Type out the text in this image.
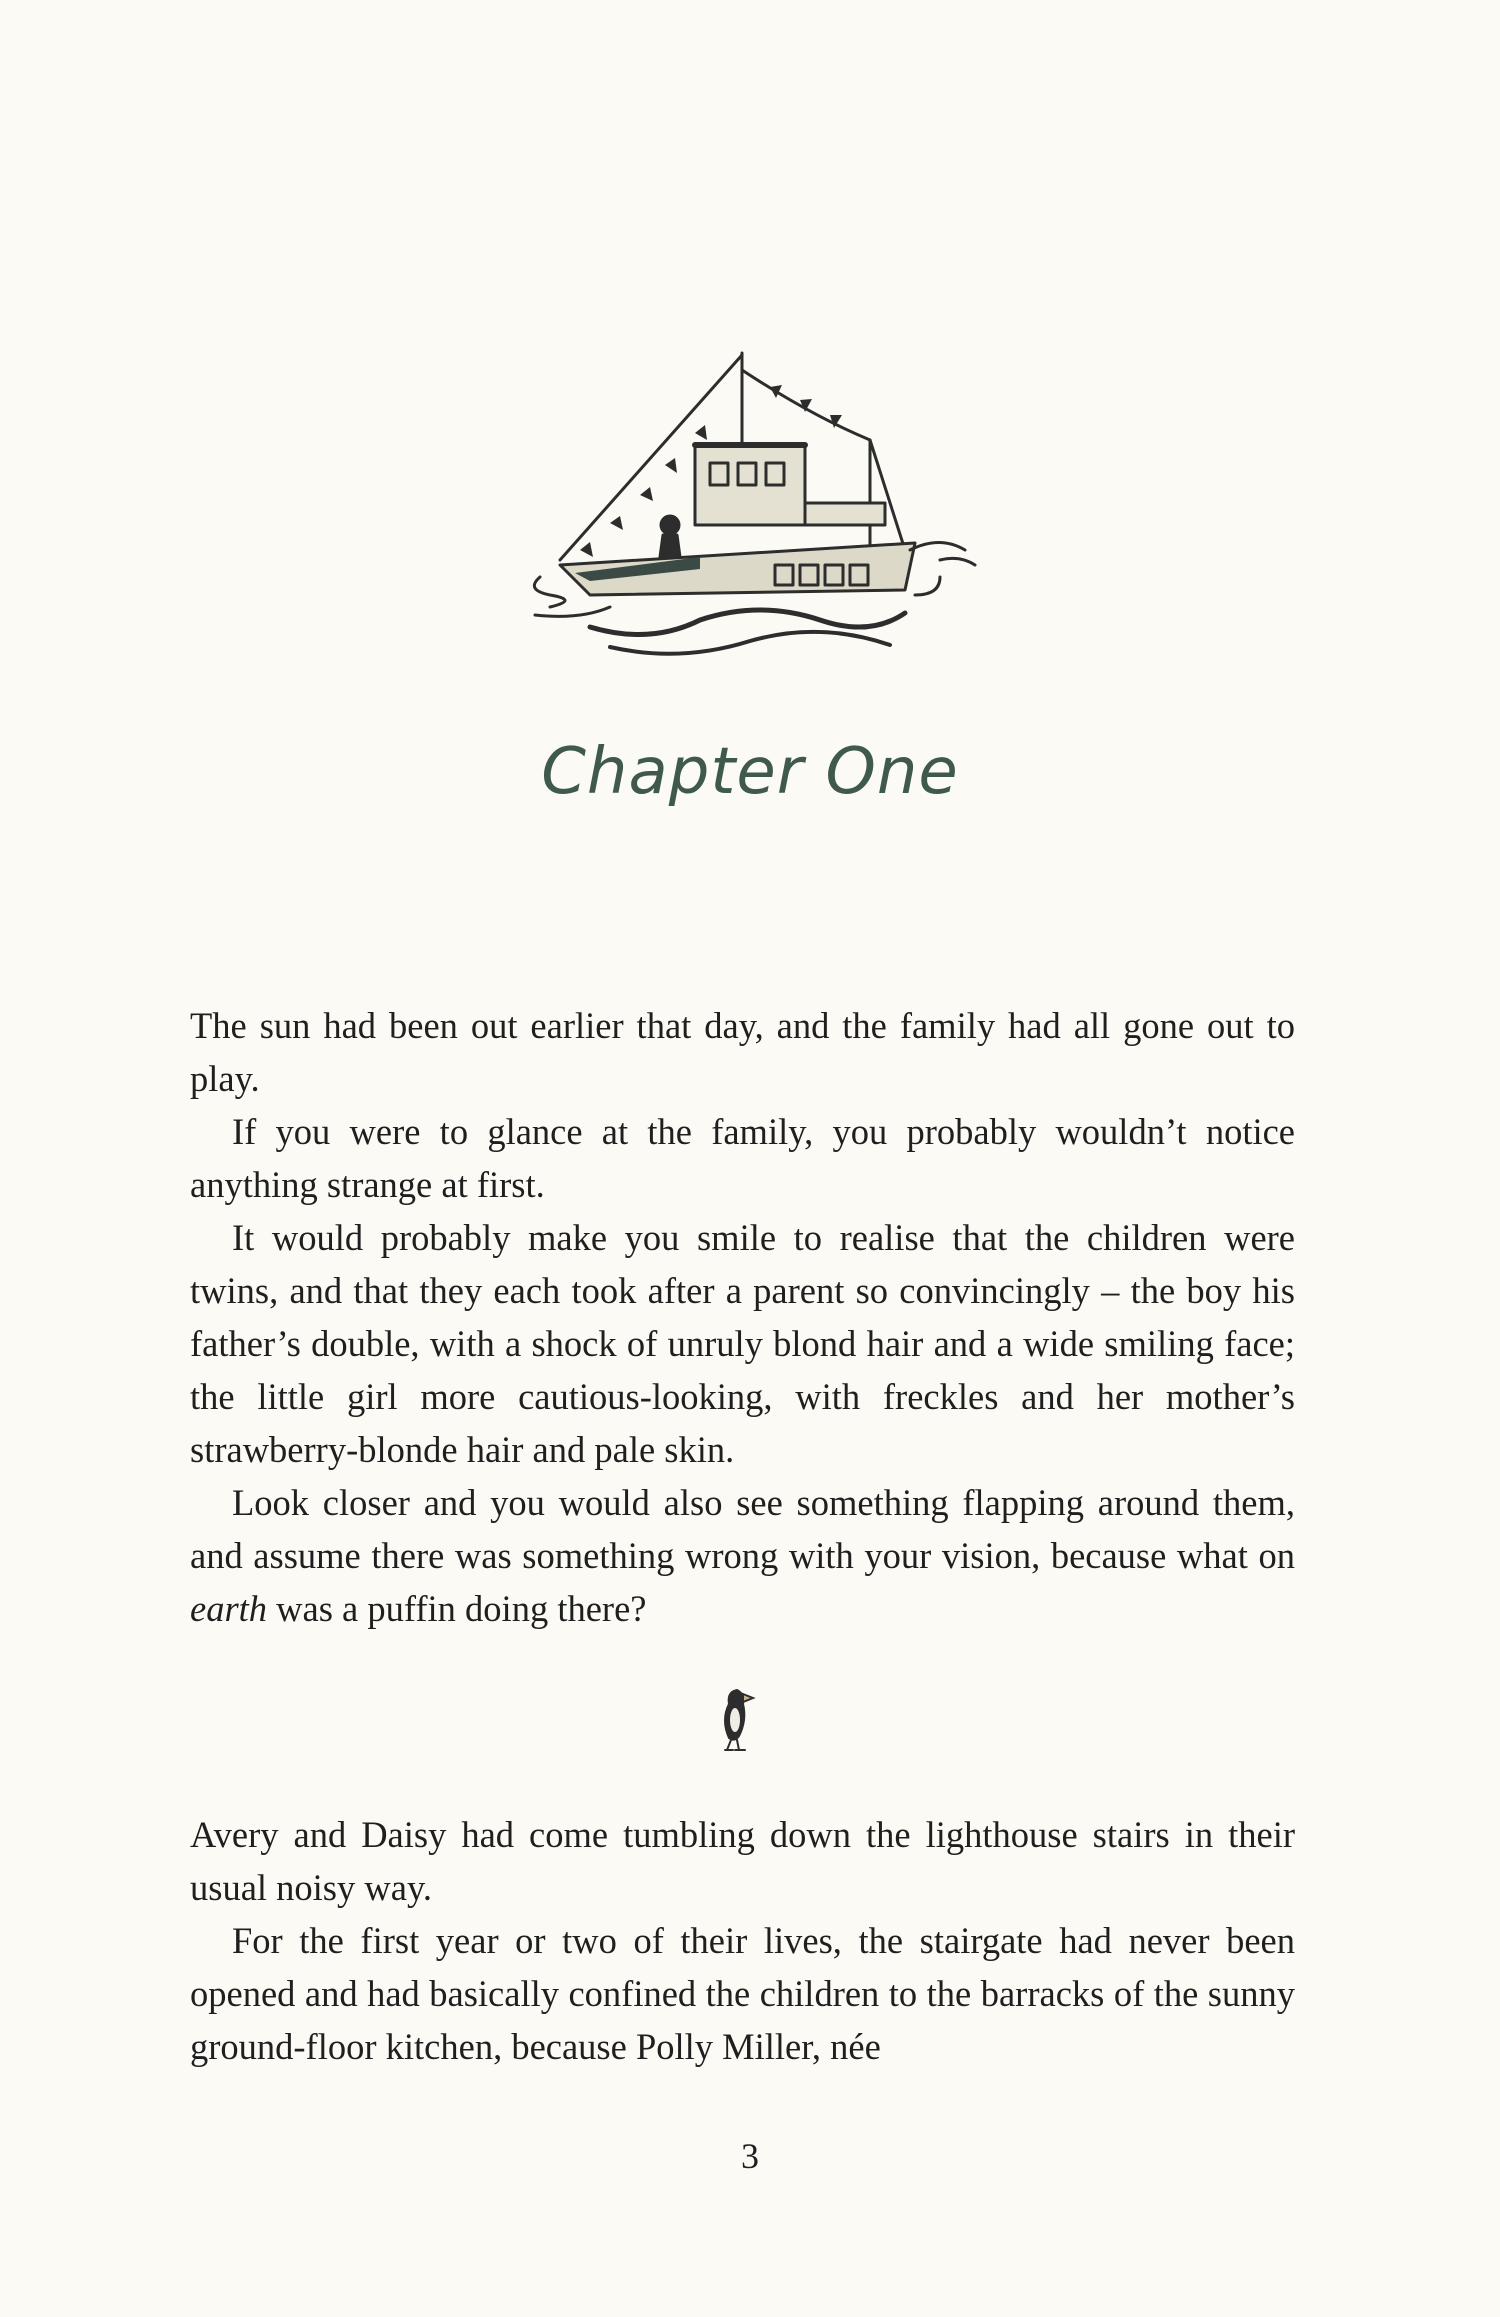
Chapter One

The sun had been out earlier that day, and the family had all gone out to play.

If you were to glance at the family, you probably wouldn’t notice anything strange at first.

It would probably make you smile to realise that the children were twins, and that they each took after a parent so convincingly – the boy his father’s double, with a shock of unruly blond hair and a wide smiling face; the little girl more cautious-looking, with freckles and her mother’s strawberry-blonde hair and pale skin.

Look closer and you would also see something flapping around them, and assume there was something wrong with your vision, because what on earth was a puffin doing there?

Avery and Daisy had come tumbling down the lighthouse stairs in their usual noisy way.

For the first year or two of their lives, the stairgate had never been opened and had basically confined the children to the barracks of the sunny ground-floor kitchen, because Polly Miller, née

3
